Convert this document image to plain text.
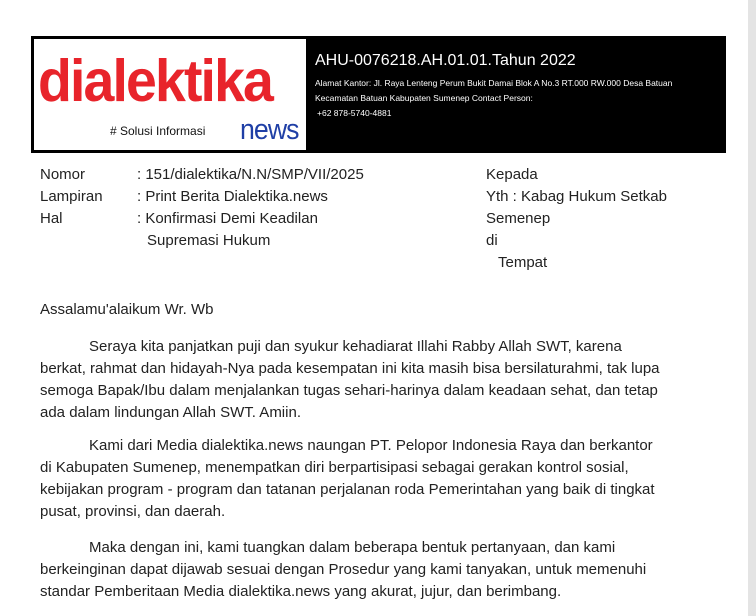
dialektika
# Solusi Informasi news
AHU-0076218.AH.01.01.Tahun 2022
Alamat Kantor: Jl. Raya Lenteng Perum Bukit Damai Blok A No.3 RT.000 RW.000 Desa Batuan Kecamatan Batuan Kabupaten Sumenep Contact Person:
+62 878-5740-4881
Nomor	: 151/dialektika/N.N/SMP/VII/2025
Lampiran : Print Berita Dialektika.news
Hal	: Konfirmasi Demi Keadilan
Supremasi Hukum
Kepada
Yth : Kabag Hukum Setkab
Semenep
di
Tempat
Assalamu'alaikum Wr. Wb
Seraya kita panjatkan puji dan syukur kehadiarat Illahi Rabby Allah SWT, karena
berkat, rahmat dan hidayah-Nya pada kesempatan ini kita masih bisa bersilaturahmi, tak lupa
semoga Bapak/Ibu dalam menjalankan tugas sehari-harinya dalam keadaan sehat, dan tetap
ada dalam lindungan Allah SWT. Amiin.
Kami dari Media dialektika.news naungan PT. Pelopor Indonesia Raya dan berkantor
di Kabupaten Sumenep, menempatkan diri berpartisipasi sebagai gerakan kontrol sosial,
kebijakan program - program dan tatanan perjalanan roda Pemerintahan yang baik di tingkat
pusat, provinsi, dan daerah.
Maka dengan ini, kami tuangkan dalam beberapa bentuk pertanyaan, dan kami
berkeinginan dapat dijawab sesuai dengan Prosedur yang kami tanyakan, untuk memenuhi
standar Pemberitaan Media dialektika.news yang akurat, jujur, dan berimbang.
